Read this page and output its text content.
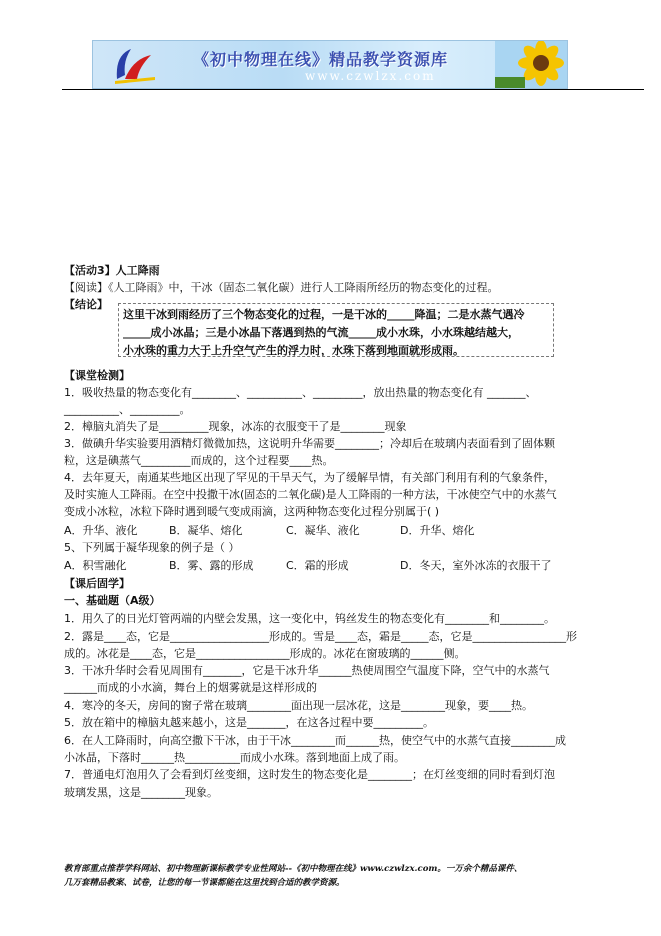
《初中物理在线》精品教学资源库
www.czwlzx.com
【活动3】人工降雨
【阅读】《人工降雨》中，干冰（固态二氧化碳）进行人工降雨所经历的物态变化的过程。
【结论】
这里干冰到雨经历了三个物态变化的过程，一是干冰的_____降温；二是水蒸气遇冷
_____成小冰晶；三是小冰晶下落遇到热的气流_____成小水珠，小水珠越结越大，
小水珠的重力大于上升空气产生的浮力时，水珠下落到地面就形成雨。
【课堂检测】
1．吸收热量的物态变化有________、__________、_________，放出热量的物态变化有 _______、
__________、_________。
2．樟脑丸消失了是_________现象，冰冻的衣服变干了是________现象
3．做碘升华实验要用酒精灯微微加热，这说明升华需要________；冷却后在玻璃内表面看到了固体颗
粒，这是碘蒸气_________而成的，这个过程要____热。
4．去年夏天，南通某些地区出现了罕见的干旱天气，为了缓解旱情，有关部门利用有利的气象条件，
及时实施人工降雨。在空中投撒干冰(固态的二氧化碳)是人工降雨的一种方法，干冰使空气中的水蒸气
变成小冰粒，冰粒下降时遇到暖气变成雨滴，这两种物态变化过程分别属于( )
A．升华、液化	B．凝华、熔化	C．凝华、液化	D．升华、熔化
5、下列属于凝华现象的例子是（ ）
A．积雪融化	B．雾、露的形成	C．霜的形成	D．冬天，室外冰冻的衣服干了
【课后固学】
一、基础题（A级）
1．用久了的日光灯管两端的内壁会发黑，这一变化中，钨丝发生的物态变化有________和________。
2．露是____态，它是__________________形成的。雪是____态，霜是_____态，它是_________________形
成的。冰花是____态，它是_________________形成的。冰花在窗玻璃的______侧。
3．干冰升华时会看见周围有_______，它是干冰升华______热使周围空气温度下降，空气中的水蒸气
______而成的小水滴，舞台上的烟雾就是这样形成的
4．寒冷的冬天，房间的窗子常在玻璃________面出现一层冰花，这是________现象，要____热。
5．放在箱中的樟脑丸越来越小，这是_______，在这各过程中要_________。
6．在人工降雨时，向高空撒下干冰，由于干冰________而______热，使空气中的水蒸气直接________成
小冰晶，下落时______热__________而成小水珠。落到地面上成了雨。
7．普通电灯泡用久了会看到灯丝变细，这时发生的物态变化是________；在灯丝变细的同时看到灯泡
玻璃发黑，这是________现象。
教育部重点推荐学科网站、初中物理新课标教学专业性网站--《初中物理在线》www.czwlzx.com。一万余个精品课件、
几万套精品教案、试卷，让您的每一节课都能在这里找到合适的教学资源。
